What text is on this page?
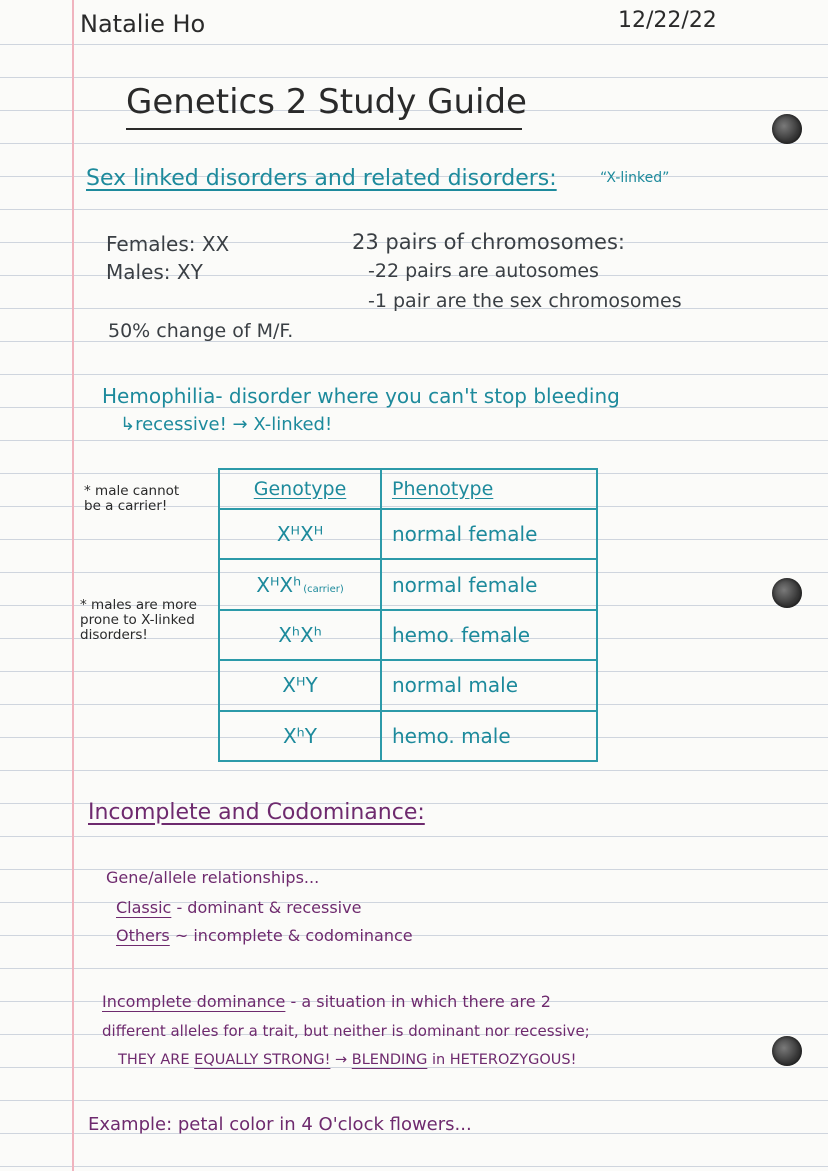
Natalie Ho	12/22/22
Genetics 2 Study Guide
Sex linked disorders and related disorders:	“X-linked”
Females: XX
Males: XY
23 pairs of chromosomes:
-22 pairs are autosomes
-1 pair are the sex chromosomes
50% change of M/F.
Hemophilia- disorder where you can't stop bleeding
↳recessive! → X-linked!
* male cannot be a carrier!
* males are more prone to X-linked disorders!
Genotype	Phenotype
XᴴXᴴ	normal female
XᴴXʰ (carrier)	normal female
XʰXʰ	hemo. female
XᴴY	normal male
XʰY	hemo. male
Incomplete and Codominance:
Gene/allele relationships...
Classic - dominant & recessive
Others ~ incomplete & codominance
Incomplete dominance - a situation in which there are 2
different alleles for a trait, but neither is dominant nor recessive;
THEY ARE EQUALLY STRONG! → BLENDING in HETEROZYGOUS!
Example: petal color in 4 O'clock flowers...
